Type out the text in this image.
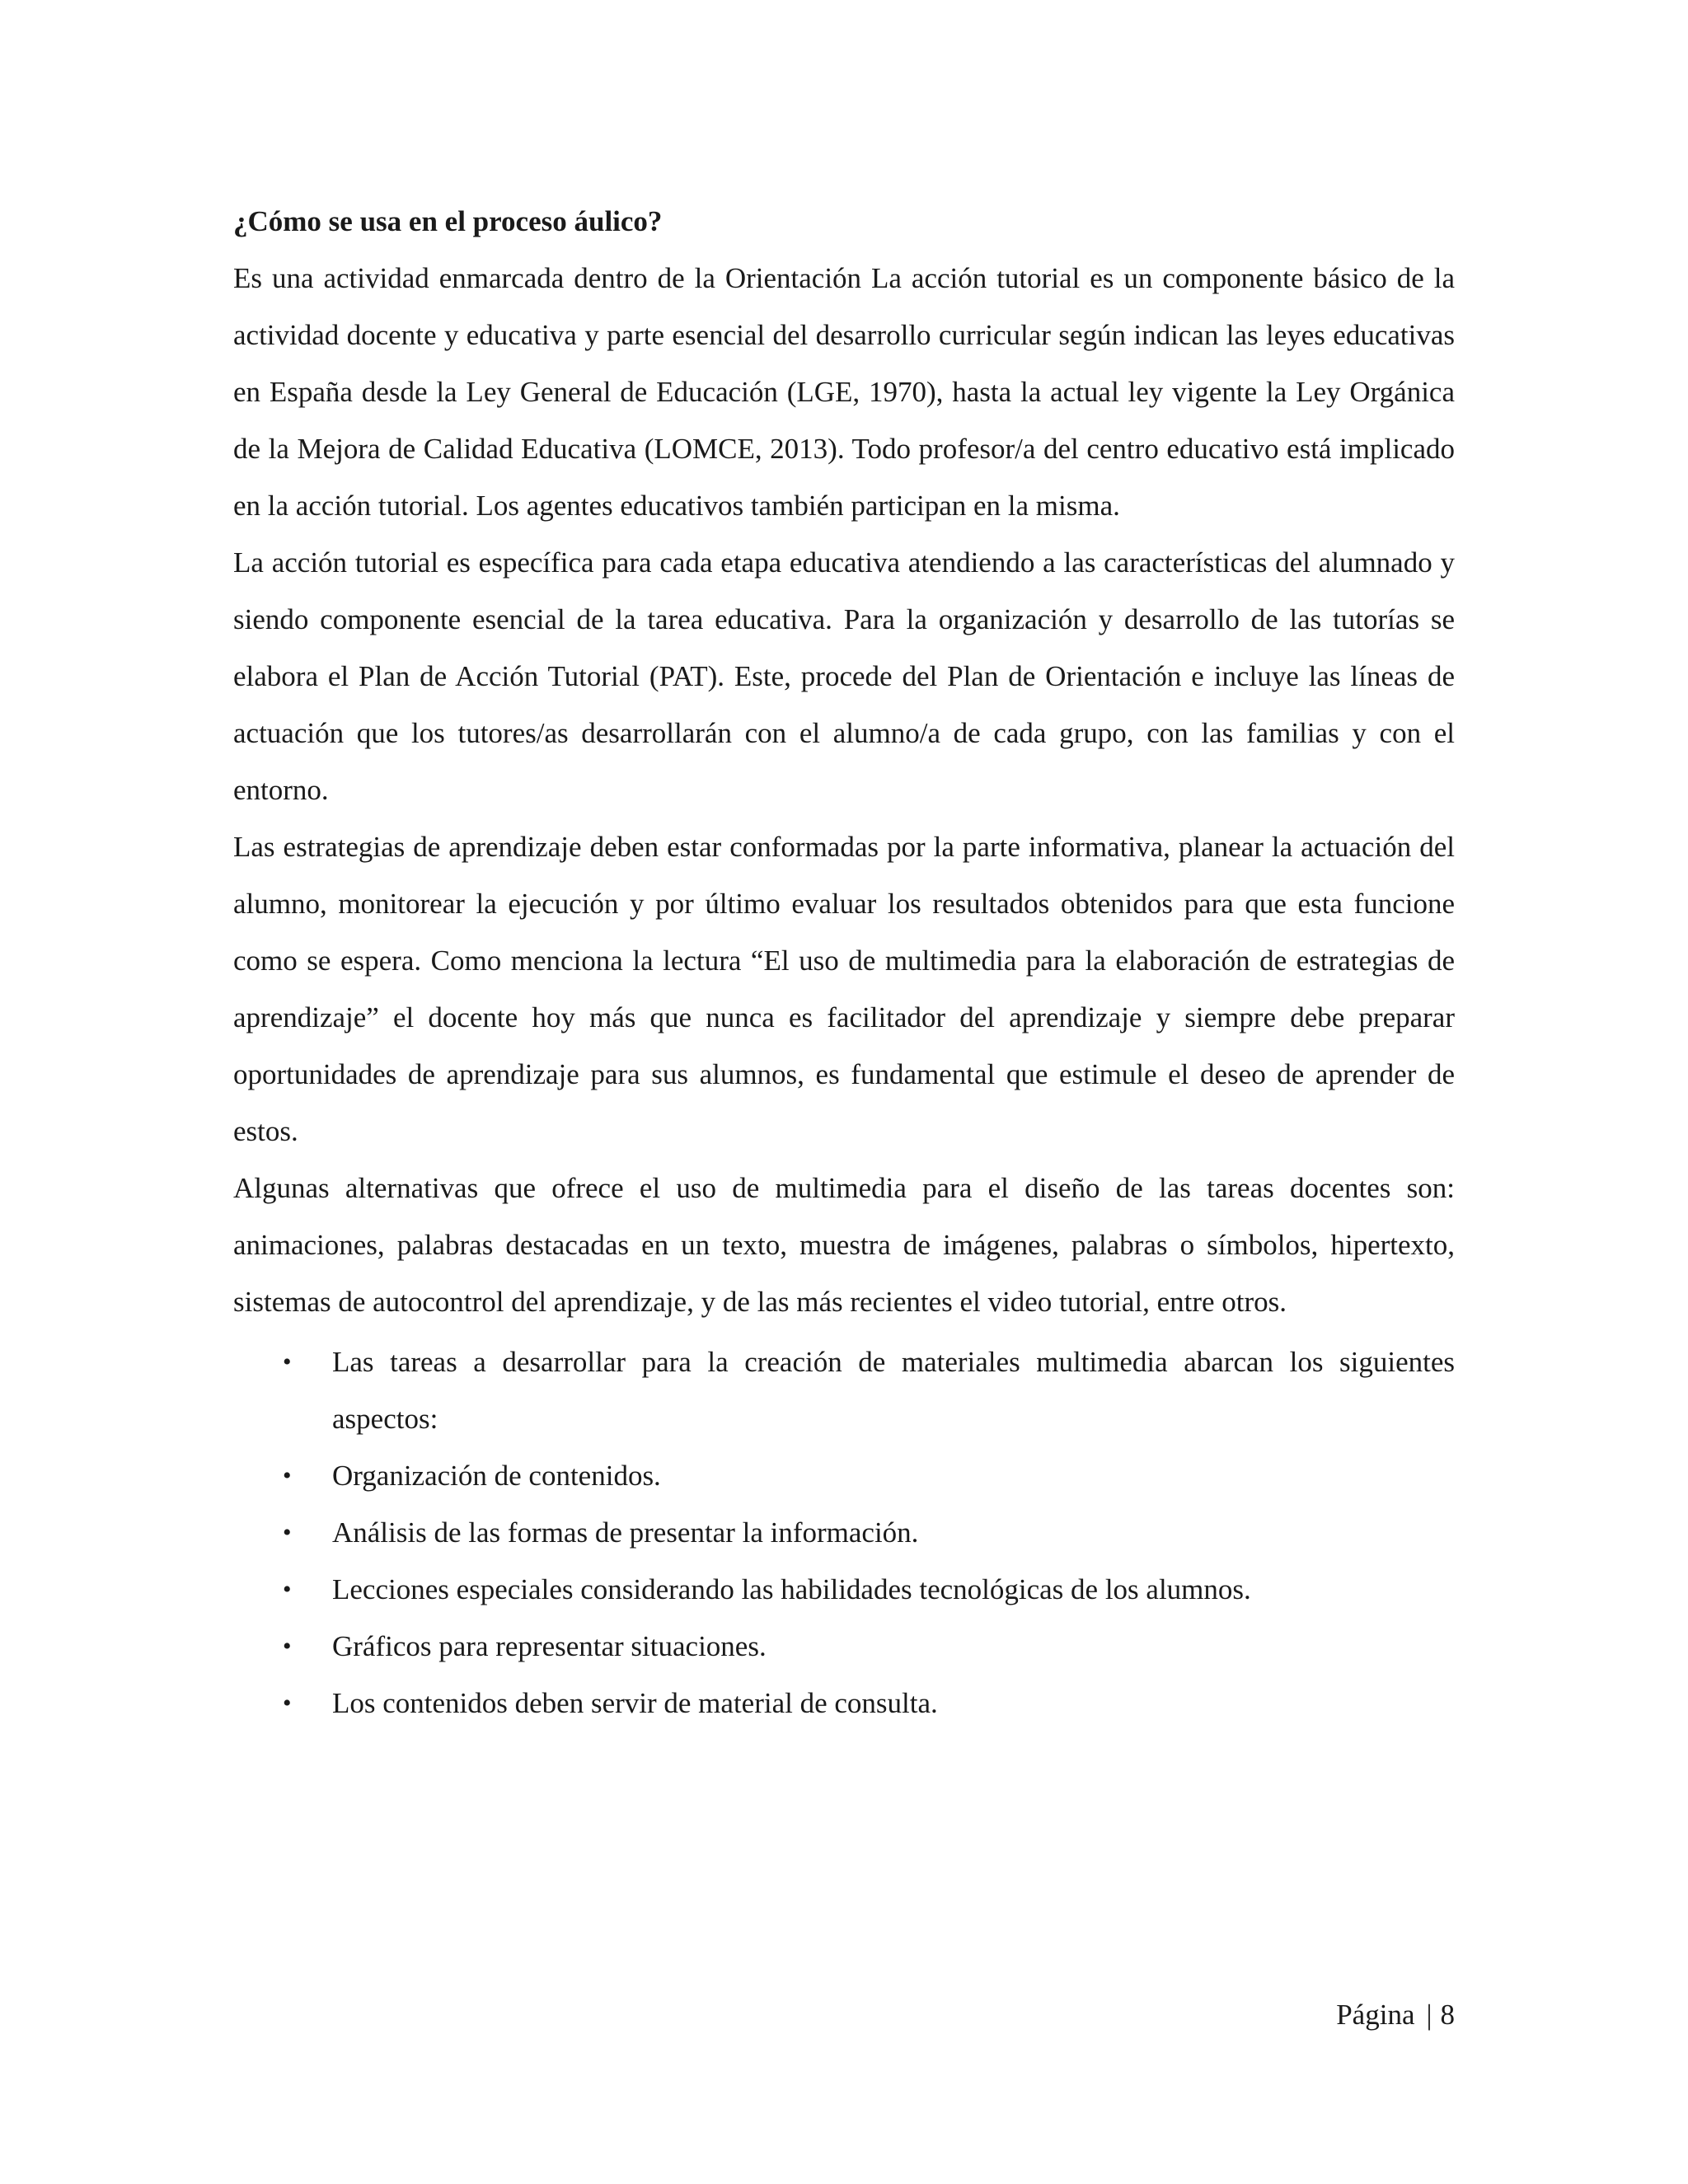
¿Cómo se usa en el proceso áulico?

Es una actividad enmarcada dentro de la Orientación La acción tutorial es un componente básico de la actividad docente y educativa y parte esencial del desarrollo curricular según indican las leyes educativas en España desde la Ley General de Educación (LGE, 1970), hasta la actual ley vigente la Ley Orgánica de la Mejora de Calidad Educativa (LOMCE, 2013). Todo profesor/a del centro educativo está implicado en la acción tutorial. Los agentes educativos también participan en la misma.

La acción tutorial es específica para cada etapa educativa atendiendo a las características del alumnado y siendo componente esencial de la tarea educativa. Para la organización y desarrollo de las tutorías se elabora el Plan de Acción Tutorial (PAT). Este, procede del Plan de Orientación e incluye las líneas de actuación que los tutores/as desarrollarán con el alumno/a de cada grupo, con las familias y con el entorno.

Las estrategias de aprendizaje deben estar conformadas por la parte informativa, planear la actuación del alumno, monitorear la ejecución y por último evaluar los resultados obtenidos para que esta funcione como se espera. Como menciona la lectura “El uso de multimedia para la elaboración de estrategias de aprendizaje” el docente hoy más que nunca es facilitador del aprendizaje y siempre debe preparar oportunidades de aprendizaje para sus alumnos, es fundamental que estimule el deseo de aprender de estos.

Algunas alternativas que ofrece el uso de multimedia para el diseño de las tareas docentes son: animaciones, palabras destacadas en un texto, muestra de imágenes, palabras o símbolos, hipertexto, sistemas de autocontrol del aprendizaje, y de las más recientes el video tutorial, entre otros.

• Las tareas a desarrollar para la creación de materiales multimedia abarcan los siguientes aspectos:
• Organización de contenidos.
• Análisis de las formas de presentar la información.
• Lecciones especiales considerando las habilidades tecnológicas de los alumnos.
• Gráficos para representar situaciones.
• Los contenidos deben servir de material de consulta.
Página | 8
